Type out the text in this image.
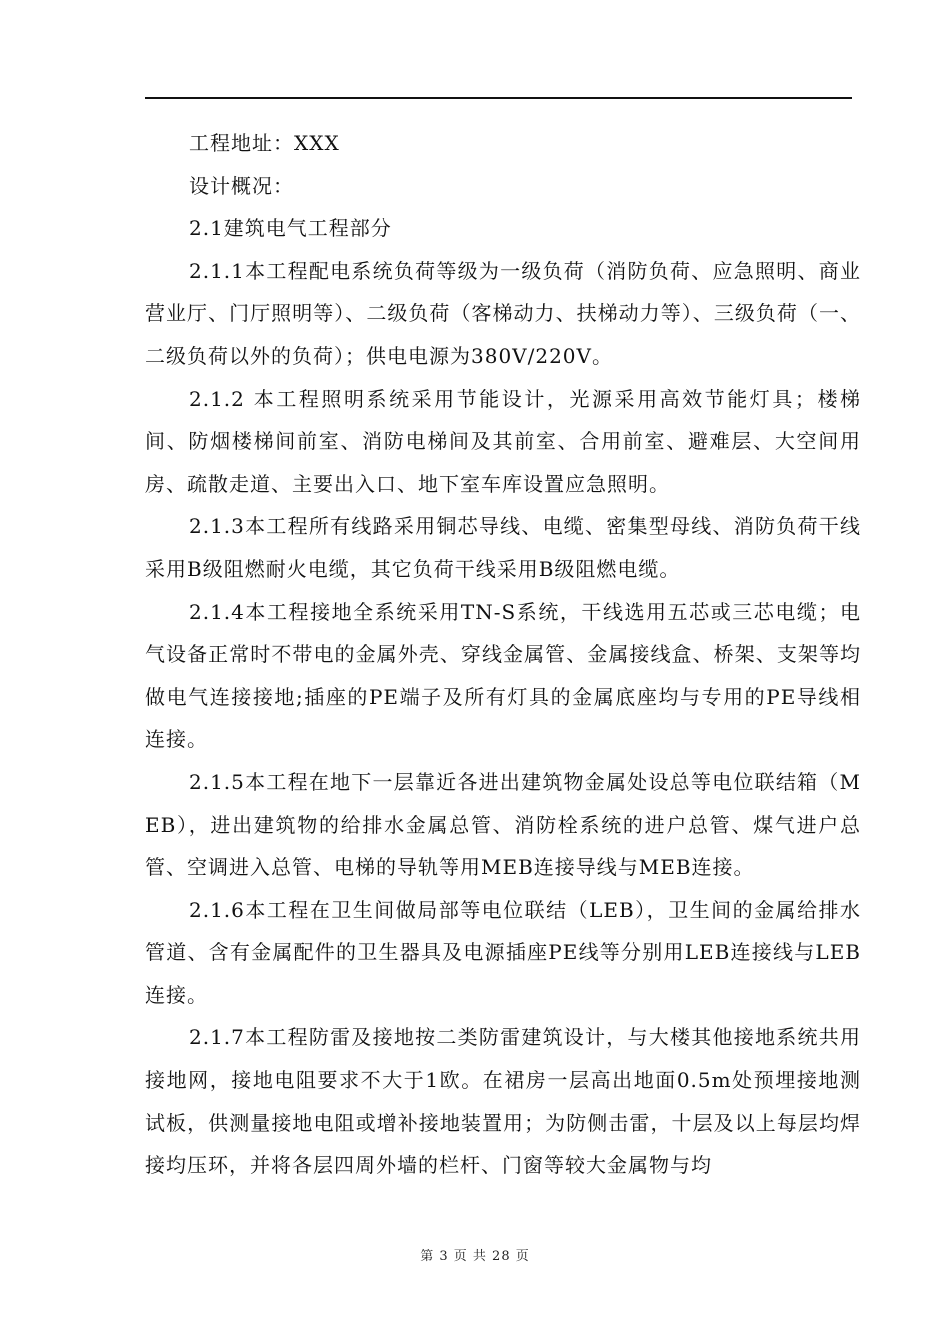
工程地址：XXX

设计概况：

2.1建筑电气工程部分

2.1.1本工程配电系统负荷等级为一级负荷（消防负荷、应急照明、商业营业厅、门厅照明等）、二级负荷（客梯动力、扶梯动力等）、三级负荷（一、二级负荷以外的负荷）；供电电源为380V/220V。

2.1.2 本工程照明系统采用节能设计，光源采用高效节能灯具；楼梯间、防烟楼梯间前室、消防电梯间及其前室、合用前室、避难层、大空间用房、疏散走道、主要出入口、地下室车库设置应急照明。

2.1.3本工程所有线路采用铜芯导线、电缆、密集型母线、消防负荷干线采用B级阻燃耐火电缆，其它负荷干线采用B级阻燃电缆。

2.1.4本工程接地全系统采用TN-S系统，干线选用五芯或三芯电缆；电气设备正常时不带电的金属外壳、穿线金属管、金属接线盒、桥架、支架等均做电气连接接地;插座的PE端子及所有灯具的金属底座均与专用的PE导线相连接。

2.1.5本工程在地下一层靠近各进出建筑物金属处设总等电位联结箱（MEB），进出建筑物的给排水金属总管、消防栓系统的进户总管、煤气进户总管、空调进入总管、电梯的导轨等用MEB连接导线与MEB连接。

2.1.6本工程在卫生间做局部等电位联结（LEB），卫生间的金属给排水管道、含有金属配件的卫生器具及电源插座PE线等分别用LEB连接线与LEB连接。

2.1.7本工程防雷及接地按二类防雷建筑设计，与大楼其他接地系统共用接地网，接地电阻要求不大于1欧。在裙房一层高出地面0.5m处预埋接地测试板，供测量接地电阻或增补接地装置用；为防侧击雷，十层及以上每层均焊接均压环，并将各层四周外墙的栏杆、门窗等较大金属物与均

第 3 页 共 28 页
